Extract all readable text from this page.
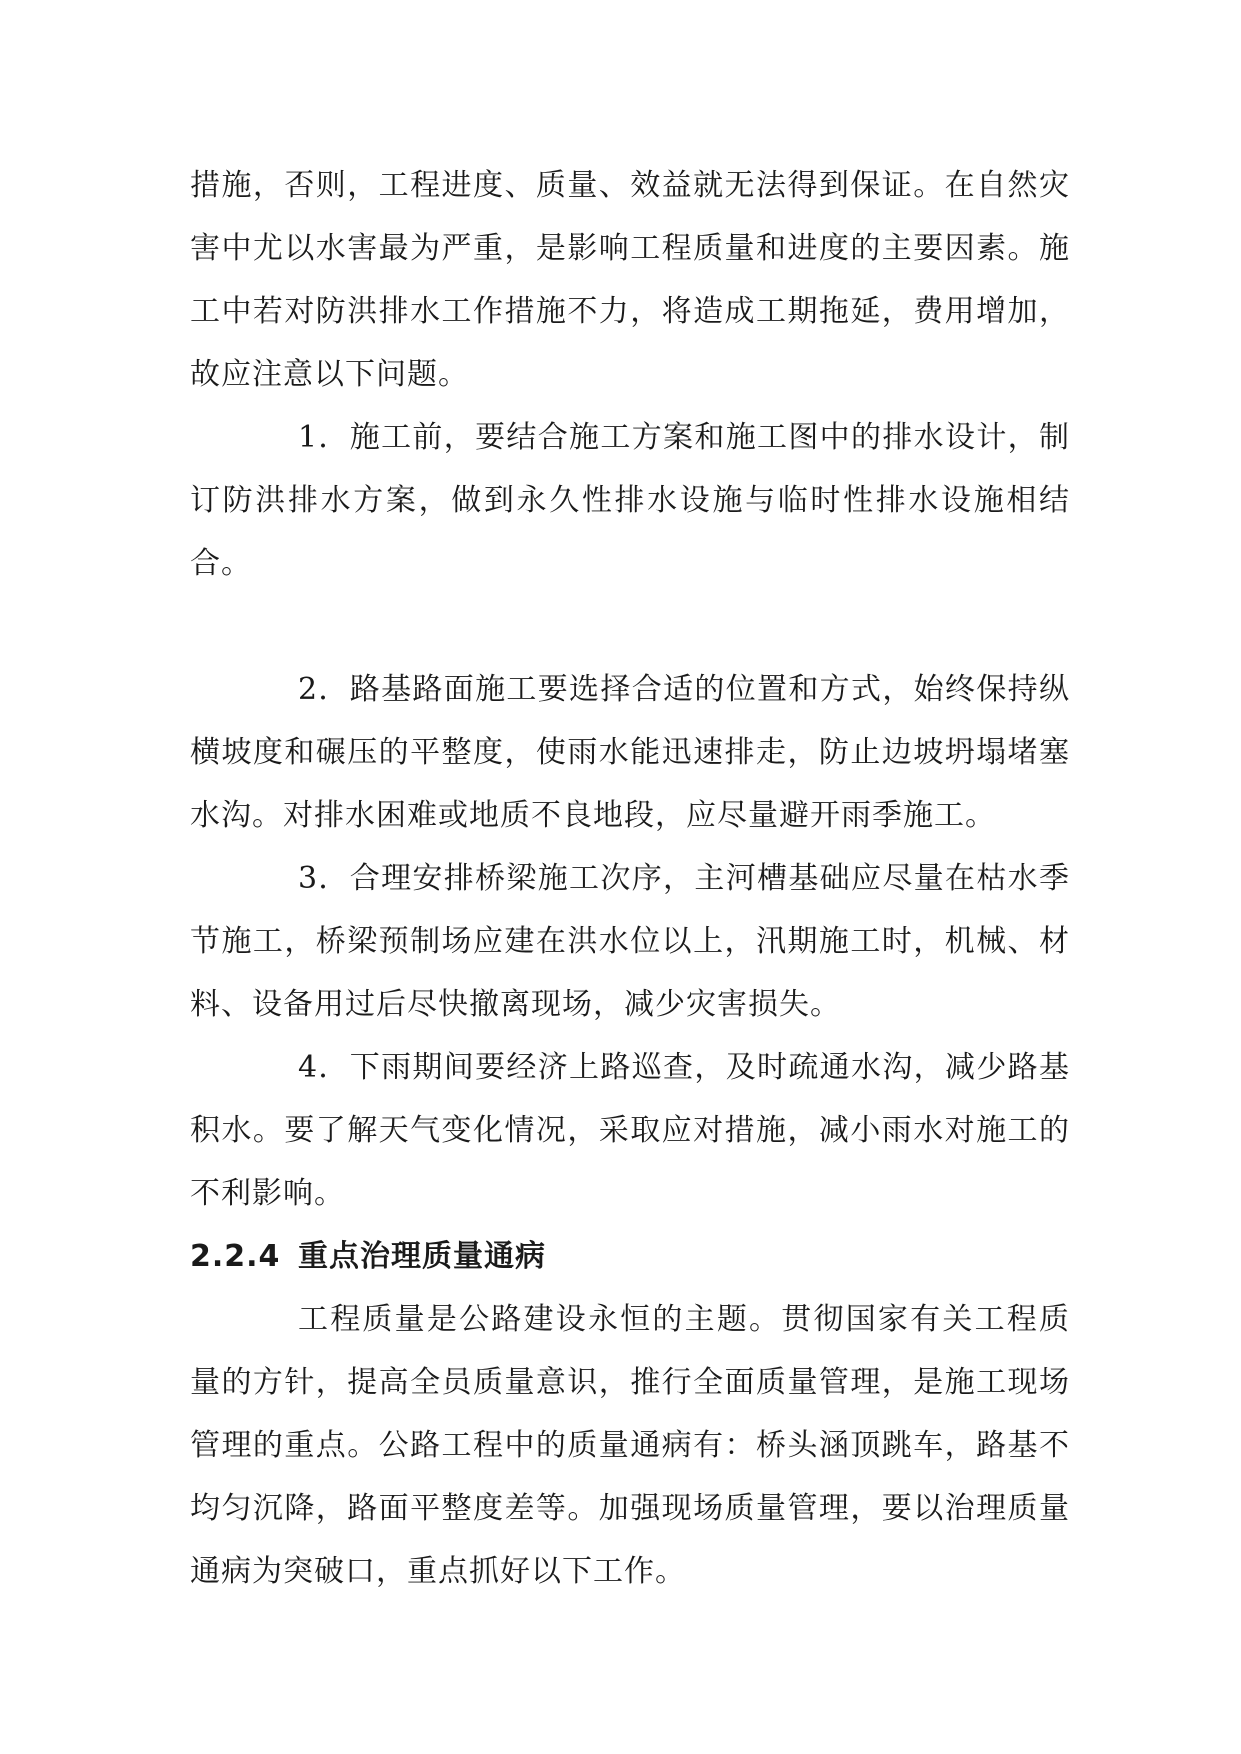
措施，否则，工程进度、质量、效益就无法得到保证。在自然灾害中尤以水害最为严重，是影响工程质量和进度的主要因素。施工中若对防洪排水工作措施不力，将造成工期拖延，费用增加，故应注意以下问题。

1．施工前，要结合施工方案和施工图中的排水设计，制订防洪排水方案，做到永久性排水设施与临时性排水设施相结合。

2．路基路面施工要选择合适的位置和方式，始终保持纵横坡度和碾压的平整度，使雨水能迅速排走，防止边坡坍塌堵塞水沟。对排水困难或地质不良地段，应尽量避开雨季施工。

3．合理安排桥梁施工次序，主河槽基础应尽量在枯水季节施工，桥梁预制场应建在洪水位以上，汛期施工时，机械、材料、设备用过后尽快撤离现场，减少灾害损失。

4．下雨期间要经济上路巡查，及时疏通水沟，减少路基积水。要了解天气变化情况，采取应对措施，减小雨水对施工的不利影响。

2.2.4 重点治理质量通病

工程质量是公路建设永恒的主题。贯彻国家有关工程质量的方针，提高全员质量意识，推行全面质量管理，是施工现场管理的重点。公路工程中的质量通病有：桥头涵顶跳车，路基不均匀沉降，路面平整度差等。加强现场质量管理，要以治理质量通病为突破口，重点抓好以下工作。
